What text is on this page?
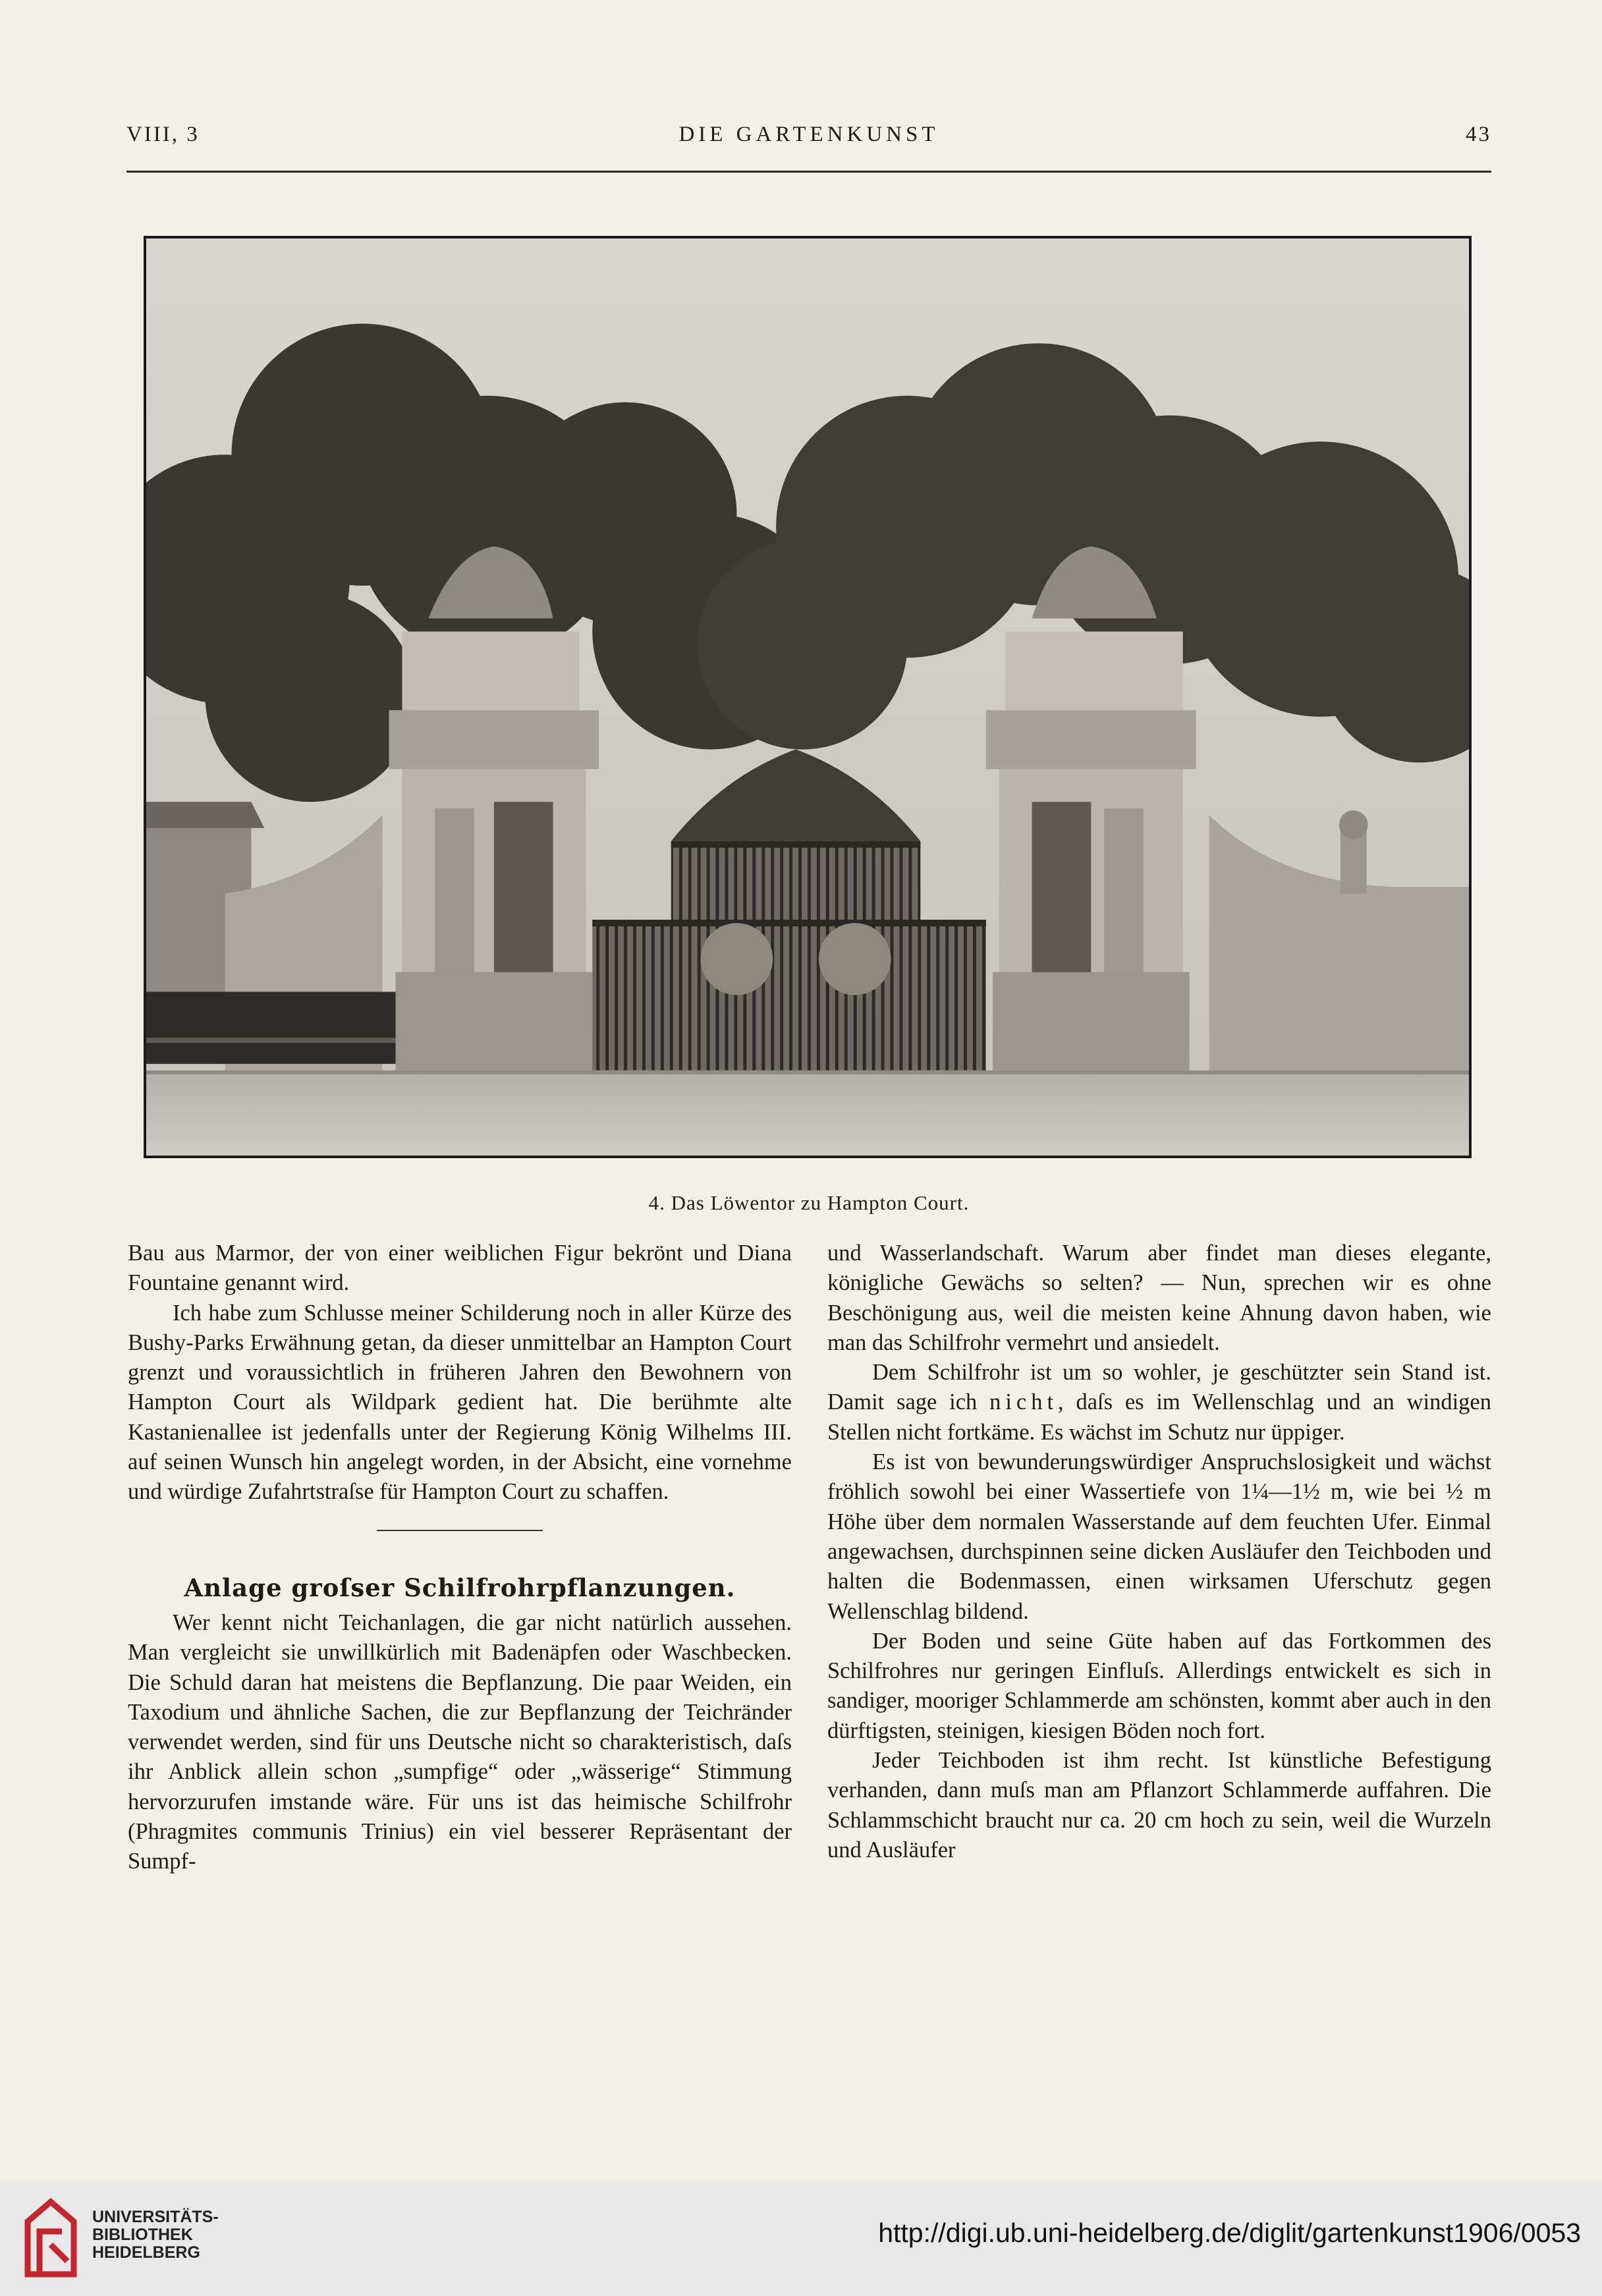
VIII, 3	DIE GARTENKUNST	43
4. Das Löwentor zu Hampton Court.

Bau aus Marmor, der von einer weiblichen Figur bekrönt und Diana Fountaine genannt wird.

Ich habe zum Schlusse meiner Schilderung noch in aller Kürze des Bushy-Parks Erwähnung getan, da dieser unmittelbar an Hampton Court grenzt und voraussichtlich in früheren Jahren den Bewohnern von Hampton Court als Wildpark gedient hat. Die berühmte alte Kastanienallee ist jedenfalls unter der Regierung König Wilhelms III. auf seinen Wunsch hin angelegt worden, in der Absicht, eine vornehme und würdige Zufahrtstraſse für Hampton Court zu schaffen.

Anlage groſser Schilfrohrpflanzungen.

Wer kennt nicht Teichanlagen, die gar nicht natürlich aussehen. Man vergleicht sie unwillkürlich mit Badenäpfen oder Waschbecken. Die Schuld daran hat meistens die Bepflanzung. Die paar Weiden, ein Taxodium und ähnliche Sachen, die zur Bepflanzung der Teichränder verwendet werden, sind für uns Deutsche nicht so charakteristisch, daſs ihr Anblick allein schon „sumpfige“ oder „wässerige“ Stimmung hervorzurufen imstande wäre. Für uns ist das heimische Schilfrohr (Phragmites communis Trinius) ein viel besserer Repräsentant der Sumpf-

und Wasserlandschaft. Warum aber findet man dieses elegante, königliche Gewächs so selten? — Nun, sprechen wir es ohne Beschönigung aus, weil die meisten keine Ahnung davon haben, wie man das Schilfrohr vermehrt und ansiedelt.

Dem Schilfrohr ist um so wohler, je geschützter sein Stand ist. Damit sage ich nicht, daſs es im Wellenschlag und an windigen Stellen nicht fortkäme. Es wächst im Schutz nur üppiger.

Es ist von bewunderungswürdiger Anspruchslosigkeit und wächst fröhlich sowohl bei einer Wassertiefe von 1¼—1½ m, wie bei ½ m Höhe über dem normalen Wasserstande auf dem feuchten Ufer. Einmal angewachsen, durchspinnen seine dicken Ausläufer den Teichboden und halten die Bodenmassen, einen wirksamen Uferschutz gegen Wellenschlag bildend.

Der Boden und seine Güte haben auf das Fortkommen des Schilfrohres nur geringen Einfluſs. Allerdings entwickelt es sich in sandiger, mooriger Schlammerde am schönsten, kommt aber auch in den dürftigsten, steinigen, kiesigen Böden noch fort.

Jeder Teichboden ist ihm recht. Ist künstliche Befestigung verhanden, dann muſs man am Pflanzort Schlammerde auffahren. Die Schlammschicht braucht nur ca. 20 cm hoch zu sein, weil die Wurzeln und Ausläufer

UNIVERSITÄTS-
BIBLIOTHEK
HEIDELBERG
http://digi.ub.uni-heidelberg.de/diglit/gartenkunst1906/0053
